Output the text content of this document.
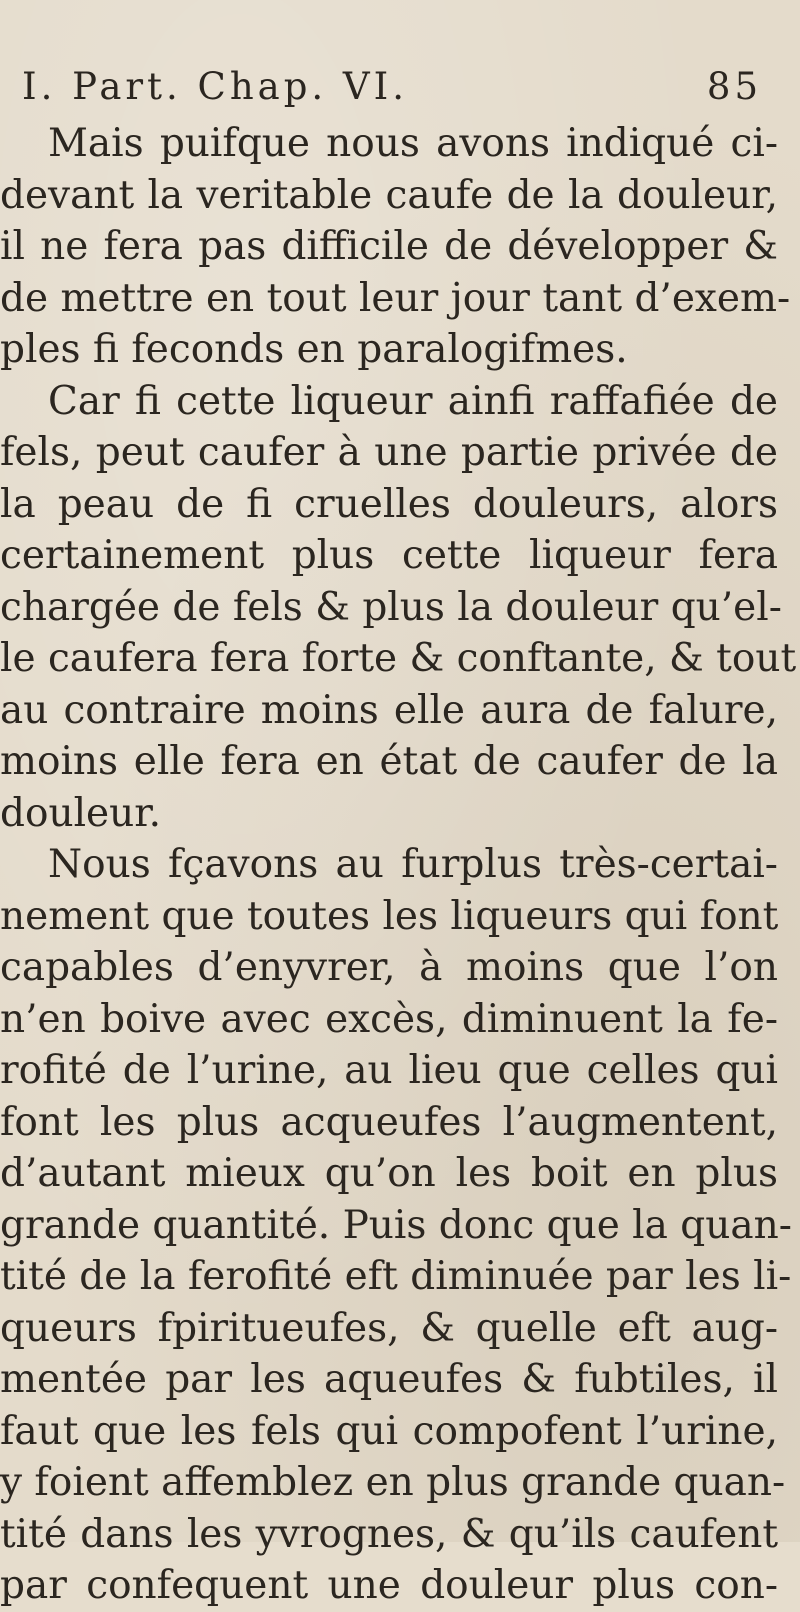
I. Part. Chap. VI.	85
Mais puifque nous avons indiqué ci-
devant la veritable caufe de la douleur,
il ne fera pas difficile de développer &
de mettre en tout leur jour tant d’exem-
ples fi feconds en paralogifmes.
Car fi cette liqueur ainfi raffafiée de
fels, peut caufer à une partie privée de
la peau de fi cruelles douleurs, alors
certainement plus cette liqueur fera
chargée de fels & plus la douleur qu’el-
le caufera fera forte & conftante, & tout
au contraire moins elle aura de falure,
moins elle fera en état de caufer de la
douleur.
Nous fçavons au furplus très-certai-
nement que toutes les liqueurs qui font
capables d’enyvrer, à moins que l’on
n’en boive avec excès, diminuent la fe-
rofité de l’urine, au lieu que celles qui
font les plus acqueufes l’augmentent,
d’autant mieux qu’on les boit en plus
grande quantité. Puis donc que la quan-
tité de la ferofité eft diminuée par les li-
queurs fpiritueufes, & quelle eft aug-
mentée par les aqueufes & fubtiles, il
faut que les fels qui compofent l’urine,
y foient affemblez en plus grande quan-
tité dans les yvrognes, & qu’ils caufent
par confequent une douleur plus con-
